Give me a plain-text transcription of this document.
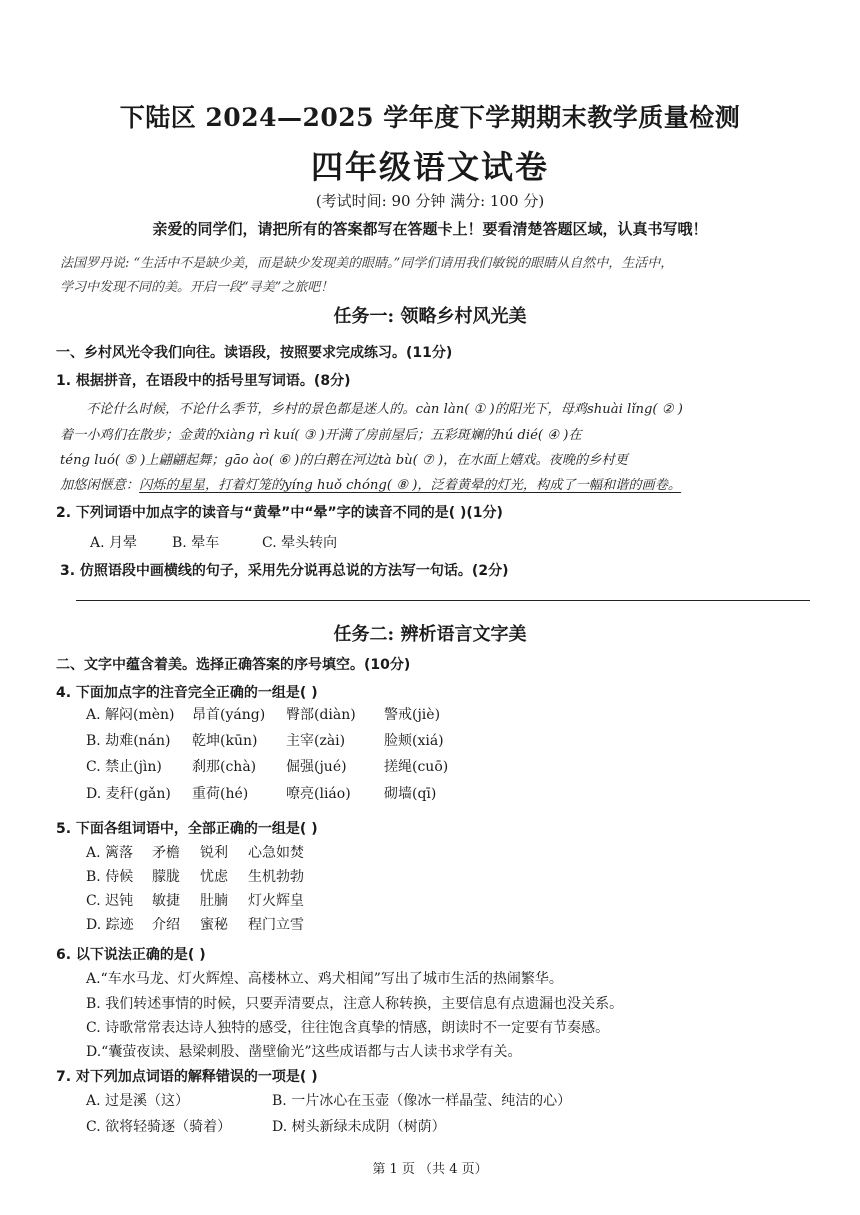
下陆区 2024—2025 学年度下学期期末教学质量检测
四年级语文试卷
(考试时间: 90 分钟 满分: 100 分)
亲爱的同学们，请把所有的答案都写在答题卡上！要看清楚答题区域，认真书写哦！
法国罗丹说: “生活中不是缺少美，而是缺少发现美的眼睛。”同学们请用我们敏锐的眼睛从自然中，生活中，
学习中发现不同的美。开启一段“寻美”之旅吧！
任务一: 领略乡村风光美
一、乡村风光令我们向往。读语段，按照要求完成练习。(11分)
1. 根据拼音，在语段中的括号里写词语。(8分)
不论什么时候，不论什么季节，乡村的景色都是迷人的。càn làn( ① )的阳光下，母鸡shuài lǐng( ② )
着一小鸡们在散步；金黄的xiàng rì kuí( ③ )开满了房前屋后；五彩斑斓的hú dié( ④ )在
téng luó( ⑤ )上翩翩起舞；gāo ào( ⑥ )的白鹅在河边tà bù( ⑦ )，在水面上嬉戏。夜晚的乡村更
加悠闲惬意：闪烁的星星，打着灯笼的yíng huǒ chóng( ⑧ )，泛着黄晕的灯光，构成了一幅和谐的画卷。
2. 下列词语中加点字的读音与“黄晕”中“晕”字的读音不同的是( )(1分)
A. 月晕 B. 晕车	C. 晕头转向
3. 仿照语段中画横线的句子，采用先分说再总说的方法写一句话。(2分)
任务二: 辨析语言文字美
二、文字中蕴含着美。选择正确答案的序号填空。(10分)
4. 下面加点字的注音完全正确的一组是( )
A. 解闷(mèn) 昂首(yáng) 臀部(diàn) 警戒(jiè)
B. 劫难(nán) 乾坤(kūn) 主宰(zài)	脸颊(xiá)
C. 禁止(jìn) 刹那(chà) 倔强(jué)	搓绳(cuō)
D. 麦秆(gǎn) 重荷(hé)	嘹亮(liáo) 砌墙(qī)
5. 下面各组词语中，全部正确的一组是( )
A. 篱落 矛檐 锐利 心急如焚
B. 侍候 朦胧 忧虑 生机勃勃
C. 迟钝 敏捷 肚腩 灯火辉皇
D. 踪迹 介绍 蜜秘 程门立雪
6. 以下说法正确的是( )
A.“车水马龙、灯火辉煌、高楼林立、鸡犬相闻”写出了城市生活的热闹繁华。
B. 我们转述事情的时候，只要弄清要点，注意人称转换，主要信息有点遗漏也没关系。
C. 诗歌常常表达诗人独特的感受，往往饱含真挚的情感，朗读时不一定要有节奏感。
D.“囊萤夜读、悬梁刺股、凿壁偷光”这些成语都与古人读书求学有关。
7. 对下列加点词语的解释错误的一项是( )
A. 过是溪（这）	B. 一片冰心在玉壶（像冰一样晶莹、纯洁的心）
C. 欲将轻骑逐（骑着）	D. 树头新绿未成阴（树荫）
第 1 页 （共 4 页）
